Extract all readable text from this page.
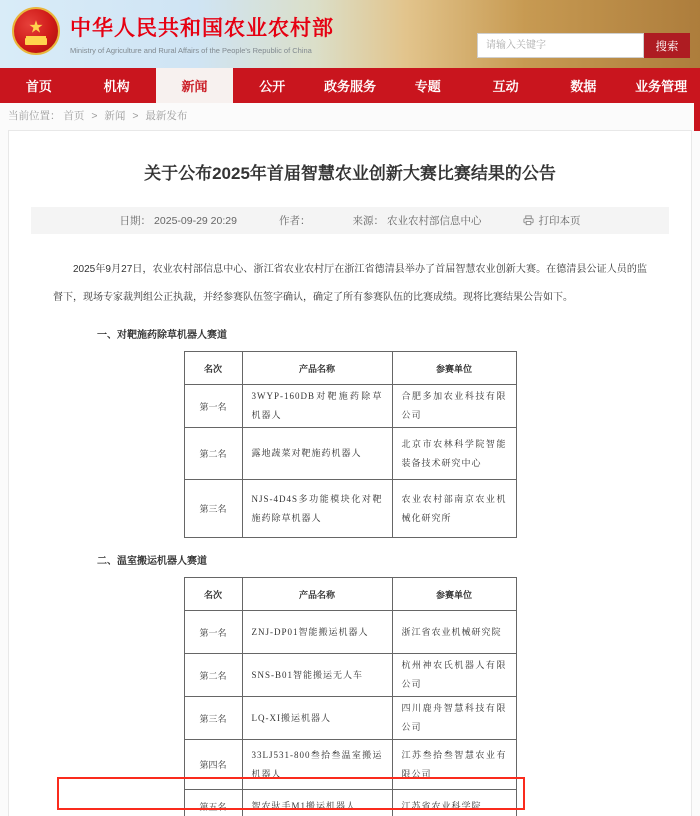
★ 中华人民共和国农业农村部

Ministry of Agriculture and Rural Affairs of the People's Republic of China

请输入关键字	搜索
首页	机构	新闻	公开	政务服务	专题	互动	数据	业务管理
当前位置： 首页 > 新闻 > 最新发布
关于公布2025年首届智慧农业创新大赛比赛结果的公告
日期： 2025-09-29 20:29	作者：	来源： 农业农村部信息中心	打印本页

2025年9月27日，农业农村部信息中心、浙江省农业农村厅在浙江省德清县举办了首届智慧农业创新大赛。在德清县公证人员的监督下，现场专家裁判组公正执裁，并经参赛队伍签字确认，确定了所有参赛队伍的比赛成绩。现将比赛结果公告如下。

一、对靶施药除草机器人赛道
名次	产品名称	参赛单位
第一名	3WYP-160DB对靶施药除草机器人	合肥多加农业科技有限公司
第二名	露地蔬菜对靶施药机器人	北京市农林科学院智能装备技术研究中心
第三名	NJS-4D4S多功能模块化对靶施药除草机器人	农业农村部南京农业机械化研究所
二、温室搬运机器人赛道
名次	产品名称	参赛单位
第一名	ZNJ-DP01智能搬运机器人	浙江省农业机械研究院
第二名	SNS-B01智能搬运无人车	杭州神农氏机器人有限公司
第三名	LQ-XI搬运机器人	四川鹿舟智慧科技有限公司
第四名	33LJ531-800叁拾叁温室搬运机器人	江苏叁拾叁智慧农业有限公司
第五名	智农驮手M1搬运机器人	江苏省农业科学院
